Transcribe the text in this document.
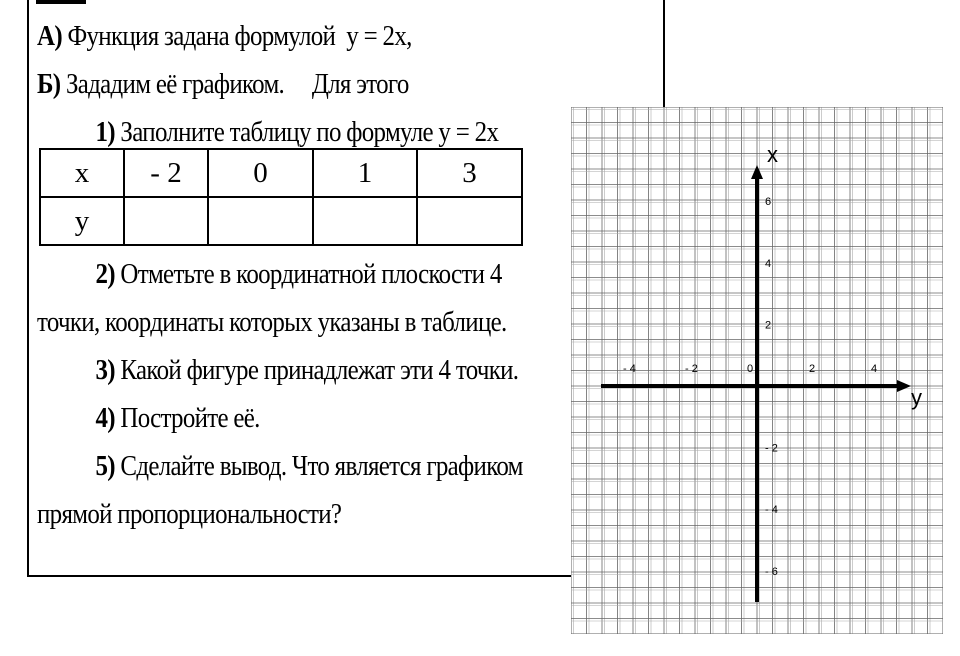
А) Функция задана формулой  y = 2x,
Б) Зададим её графиком.     Для этого
1) Заполните таблицу по формуле y = 2x
x	- 2	0	1	3
y				
x
y
- 4	- 2	0	2	4
6
4
2
- 2
- 4
- 6
2) Отметьте в координатной плоскости 4
точки, координаты которых указаны в таблице.
3) Какой фигуре принадлежат эти 4 точки.
4) Постройте её.
5) Сделайте вывод. Что является графиком
прямой пропорциональности?
